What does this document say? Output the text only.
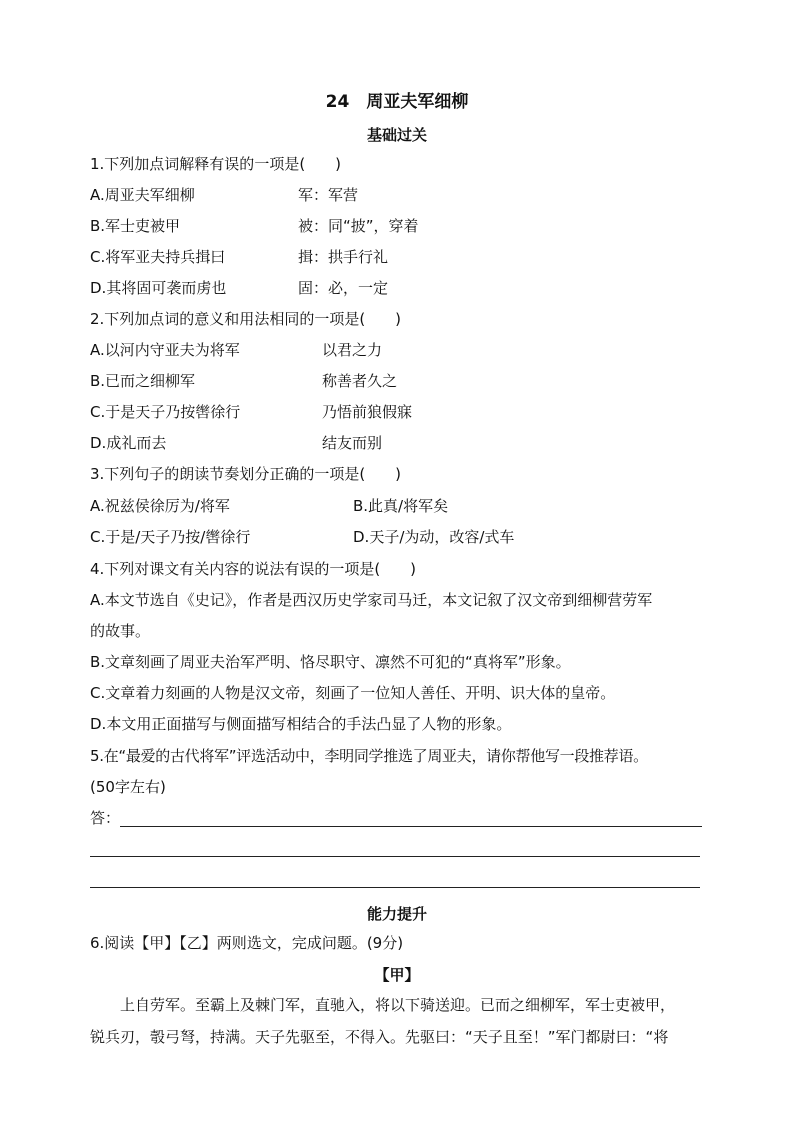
24　周亚夫军细柳
基础过关
1.下列加点词解释有误的一项是(　　)
A.周亚夫军细柳	军：军营
B.军士吏被甲	被：同“披”，穿着
C.将军亚夫持兵揖曰	揖：拱手行礼
D.其将固可袭而虏也	固：必，一定
2.下列加点词的意义和用法相同的一项是(　　)
A.以河内守亚夫为将军	以君之力
B.已而之细柳军	称善者久之
C.于是天子乃按辔徐行	乃悟前狼假寐
D.成礼而去	结友而别
3.下列句子的朗读节奏划分正确的一项是(　　)
A.祝兹侯徐厉为/将军	B.此真/将军矣
C.于是/天子乃按/辔徐行	D.天子/为动，改容/式车
4.下列对课文有关内容的说法有误的一项是(　　)
A.本文节选自《史记》，作者是西汉历史学家司马迁，本文记叙了汉文帝到细柳营劳军
的故事。
B.文章刻画了周亚夫治军严明、恪尽职守、凛然不可犯的“真将军”形象。
C.文章着力刻画的人物是汉文帝，刻画了一位知人善任、开明、识大体的皇帝。
D.本文用正面描写与侧面描写相结合的手法凸显了人物的形象。
5.在“最爱的古代将军”评选活动中，李明同学推选了周亚夫，请你帮他写一段推荐语。
(50字左右)
答：
能力提升
6.阅读【甲】【乙】两则选文，完成问题。(9分)
【甲】
上自劳军。至霸上及棘门军，直驰入，将以下骑送迎。已而之细柳军，军士吏被甲，
锐兵刃，彀弓弩，持满。天子先驱至，不得入。先驱曰：“天子且至！”军门都尉曰：“将
